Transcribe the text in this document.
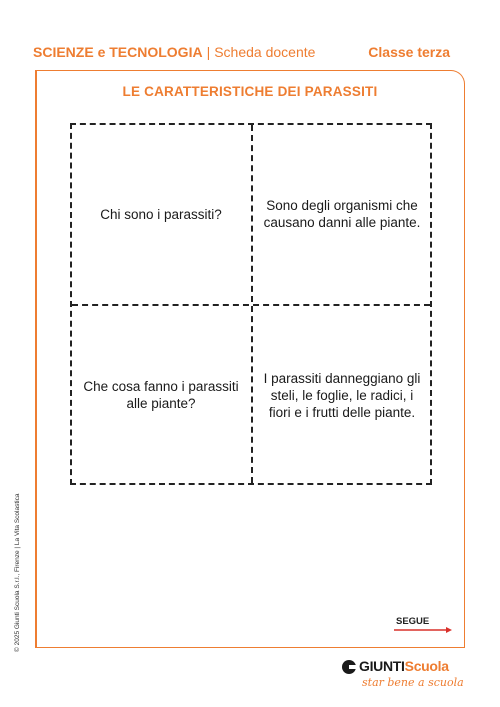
SCIENZE e TECNOLOGIA | Scheda docente	Classe terza
LE CARATTERISTICHE DEI PARASSITI
Chi sono i parassiti?
Sono degli organismi che causano danni alle piante.
Che cosa fanno i parassiti alle piante?
I parassiti danneggiano gli steli, le foglie, le radici, i fiori e i frutti delle piante.
© 2025 Giunti Scuola S.r.l., Firenze | La Vita Scolastica	SEGUE
GIUNTIScuola
star bene a scuola
